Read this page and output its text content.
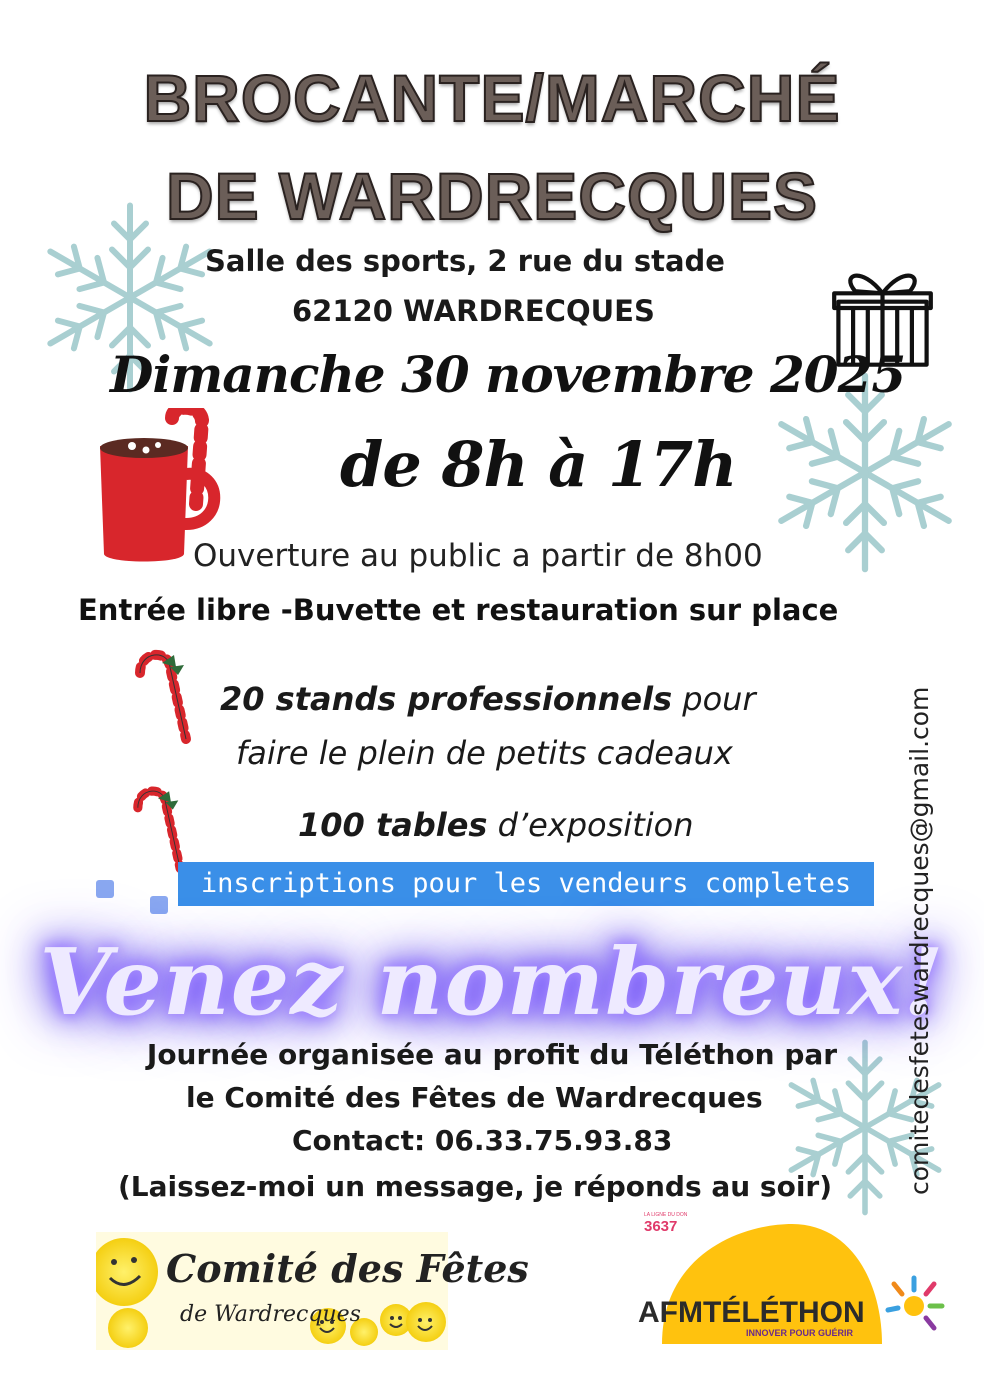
BROCANTE/MARCHÉ
DE WARDRECQUES
Salle des sports, 2 rue du stade
62120 WARDRECQUES
Dimanche 30 novembre 2025
de 8h à 17h
Ouverture au public a partir de 8h00
Entrée libre -Buvette et restauration sur place
20 stands professionnels pour
faire le plein de petits cadeaux
100 tables d’exposition
inscriptions pour les vendeurs completes
Venez nombreux!
Journée organisée au profit du Téléthon par
le Comité des Fêtes de Wardrecques
Contact: 06.33.75.93.83
(Laissez-moi un message, je réponds au soir)	comitedesfeteswardrecques@gmail.com
Comité des Fêtes
de Wardrecques
LA LIGNE DU DON
3637
AFMTÉLÉTHON
INNOVER POUR GUÉRIR
